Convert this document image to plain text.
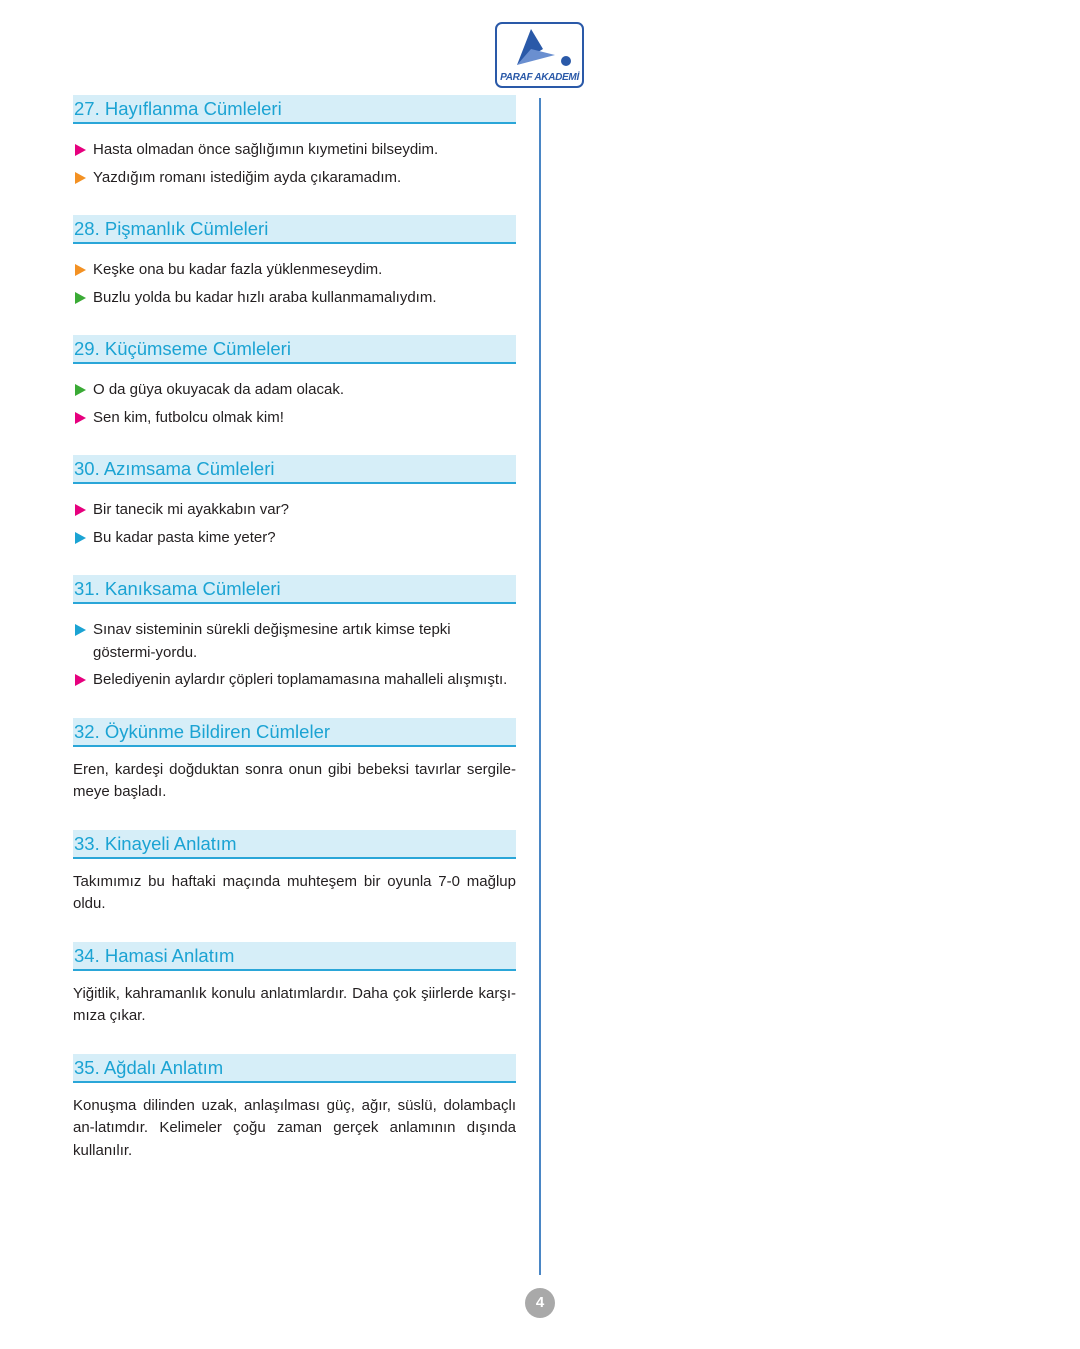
PARAF AKADEMİ
27. Hayıflanma Cümleleri
Hasta olmadan önce sağlığımın kıymetini bilseydim.
Yazdığım romanı istediğim ayda çıkaramadım.
28. Pişmanlık Cümleleri
Keşke ona bu kadar fazla yüklenmeseydim.
Buzlu yolda bu kadar hızlı araba kullanmamalıydım.
29. Küçümseme Cümleleri
O da güya okuyacak da adam olacak.
Sen kim, futbolcu olmak kim!
30. Azımsama Cümleleri
Bir tanecik mi ayakkabın var?
Bu kadar pasta kime yeter?
31. Kanıksama Cümleleri
Sınav sisteminin sürekli değişmesine artık kimse tepki göstermi-yordu.
Belediyenin aylardır çöpleri toplamamasına mahalleli alışmıştı.
32. Öykünme Bildiren Cümleler
Eren, kardeşi doğduktan sonra onun gibi bebeksi tavırlar sergile-meye başladı.
33. Kinayeli Anlatım
Takımımız bu haftaki maçında muhteşem bir oyunla 7-0 mağlup oldu.
34. Hamasi Anlatım
Yiğitlik, kahramanlık konulu anlatımlardır. Daha çok şiirlerde karşı-mıza çıkar.
35. Ağdalı Anlatım
Konuşma dilinden uzak, anlaşılması güç, ağır, süslü, dolambaçlı an-latımdır. Kelimeler çoğu zaman gerçek anlamının dışında kullanılır.
4
